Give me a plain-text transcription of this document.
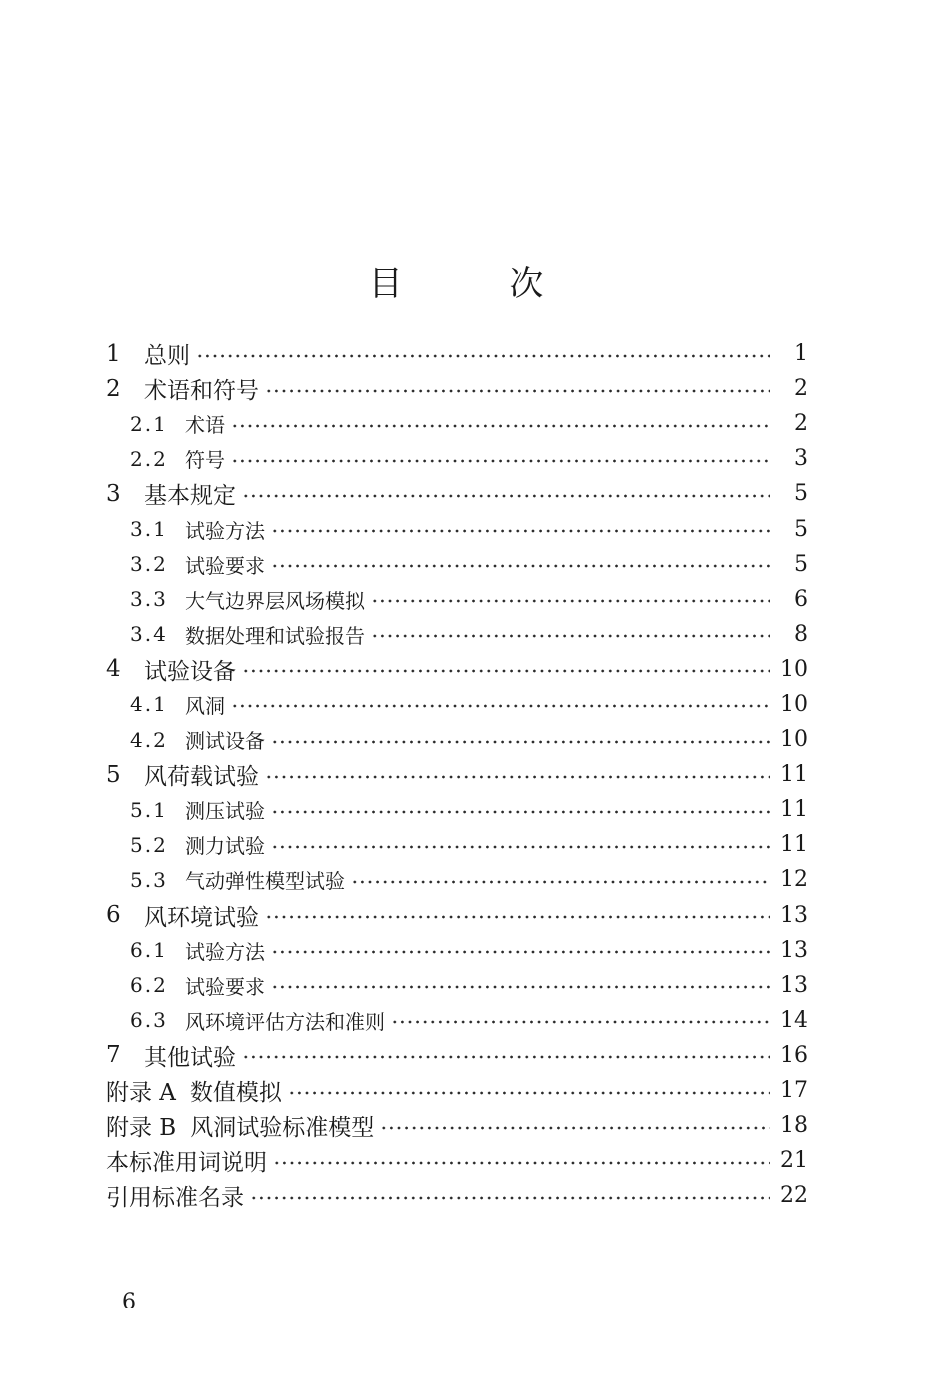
目 次
1	总则	1
2	术语和符号	2
2.1 术语	2
2.2 符号	3
3	基本规定	5
3.1 试验方法	5
3.2 试验要求	5
3.3 大气边界层风场模拟	6
3.4 数据处理和试验报告	8
4	试验设备	10
4.1 风洞	10
4.2 测试设备	10
5	风荷载试验	11
5.1 测压试验	11
5.2 测力试验	11
5.3 气动弹性模型试验	12
6	风环境试验	13
6.1 试验方法	13
6.2 试验要求	13
6.3 风环境评估方法和准则	14
7	其他试验	16
附录 A 数值模拟	17
附录 B 风洞试验标准模型	18
本标准用词说明	21
引用标准名录	22
6
